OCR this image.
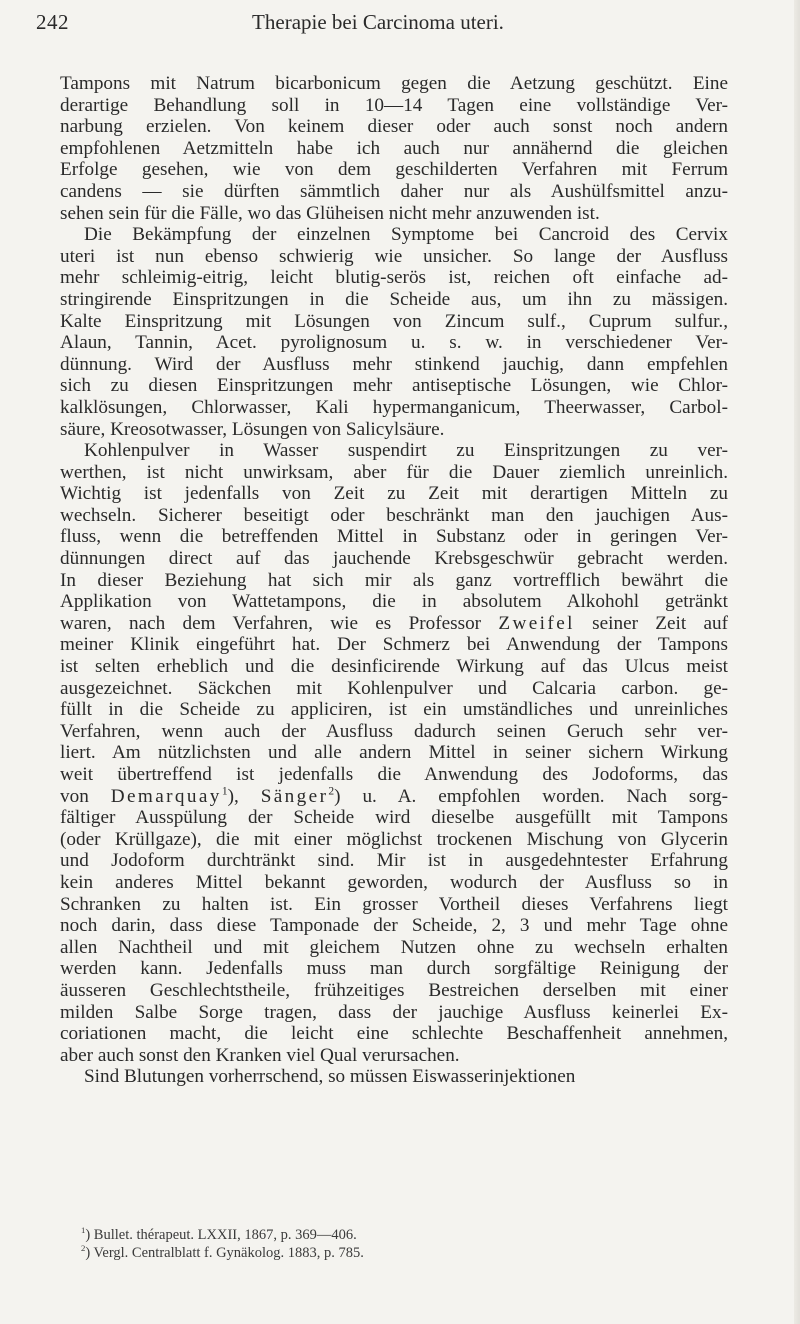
242	Therapie bei Carcinoma uteri.
Tampons mit Natrum bicarbonicum gegen die Aetzung geschützt. Eine
derartige Behandlung soll in 10—14 Tagen eine vollständige Ver-
narbung erzielen. Von keinem dieser oder auch sonst noch andern
empfohlenen Aetzmitteln habe ich auch nur annähernd die gleichen
Erfolge gesehen, wie von dem geschilderten Verfahren mit Ferrum
candens — sie dürften sämmtlich daher nur als Aushülfsmittel anzu-
sehen sein für die Fälle, wo das Glüheisen nicht mehr anzuwenden ist.
Die Bekämpfung der einzelnen Symptome bei Cancroid des Cervix
uteri ist nun ebenso schwierig wie unsicher. So lange der Ausfluss
mehr schleimig-eitrig, leicht blutig-serös ist, reichen oft einfache ad-
stringirende Einspritzungen in die Scheide aus, um ihn zu mässigen.
Kalte Einspritzung mit Lösungen von Zincum sulf., Cuprum sulfur.,
Alaun, Tannin, Acet. pyrolignosum u. s. w. in verschiedener Ver-
dünnung. Wird der Ausfluss mehr stinkend jauchig, dann empfehlen
sich zu diesen Einspritzungen mehr antiseptische Lösungen, wie Chlor-
kalklösungen, Chlorwasser, Kali hypermanganicum, Theerwasser, Carbol-
säure, Kreosotwasser, Lösungen von Salicylsäure.
Kohlenpulver in Wasser suspendirt zu Einspritzungen zu ver-
werthen, ist nicht unwirksam, aber für die Dauer ziemlich unreinlich.
Wichtig ist jedenfalls von Zeit zu Zeit mit derartigen Mitteln zu
wechseln. Sicherer beseitigt oder beschränkt man den jauchigen Aus-
fluss, wenn die betreffenden Mittel in Substanz oder in geringen Ver-
dünnungen direct auf das jauchende Krebsgeschwür gebracht werden.
In dieser Beziehung hat sich mir als ganz vortrefflich bewährt die
Applikation von Wattetampons, die in absolutem Alkohohl getränkt
waren, nach dem Verfahren, wie es Professor Zweifel seiner Zeit auf
meiner Klinik eingeführt hat. Der Schmerz bei Anwendung der Tampons
ist selten erheblich und die desinficirende Wirkung auf das Ulcus meist
ausgezeichnet. Säckchen mit Kohlenpulver und Calcaria carbon. ge-
füllt in die Scheide zu appliciren, ist ein umständliches und unreinliches
Verfahren, wenn auch der Ausfluss dadurch seinen Geruch sehr ver-
liert. Am nützlichsten und alle andern Mittel in seiner sichern Wirkung
weit übertreffend ist jedenfalls die Anwendung des Jodoforms, das
von Demarquay$^1$), Sänger$^2$) u. A. empfohlen worden. Nach sorg-
fältiger Ausspülung der Scheide wird dieselbe ausgefüllt mit Tampons
(oder Krüllgaze), die mit einer möglichst trockenen Mischung von Glycerin
und Jodoform durchtränkt sind. Mir ist in ausgedehntester Erfahrung
kein anderes Mittel bekannt geworden, wodurch der Ausfluss so in
Schranken zu halten ist. Ein grosser Vortheil dieses Verfahrens liegt
noch darin, dass diese Tamponade der Scheide, 2, 3 und mehr Tage ohne
allen Nachtheil und mit gleichem Nutzen ohne zu wechseln erhalten
werden kann. Jedenfalls muss man durch sorgfältige Reinigung der
äusseren Geschlechtstheile, frühzeitiges Bestreichen derselben mit einer
milden Salbe Sorge tragen, dass der jauchige Ausfluss keinerlei Ex-
coriationen macht, die leicht eine schlechte Beschaffenheit annehmen,
aber auch sonst den Kranken viel Qual verursachen.
Sind Blutungen vorherrschend, so müssen Eiswasserinjektionen
$^1$) Bullet. thérapeut. LXXII, 1867, p. 369—406.
$^2$) Vergl. Centralblatt f. Gynäkolog. 1883, p. 785.
